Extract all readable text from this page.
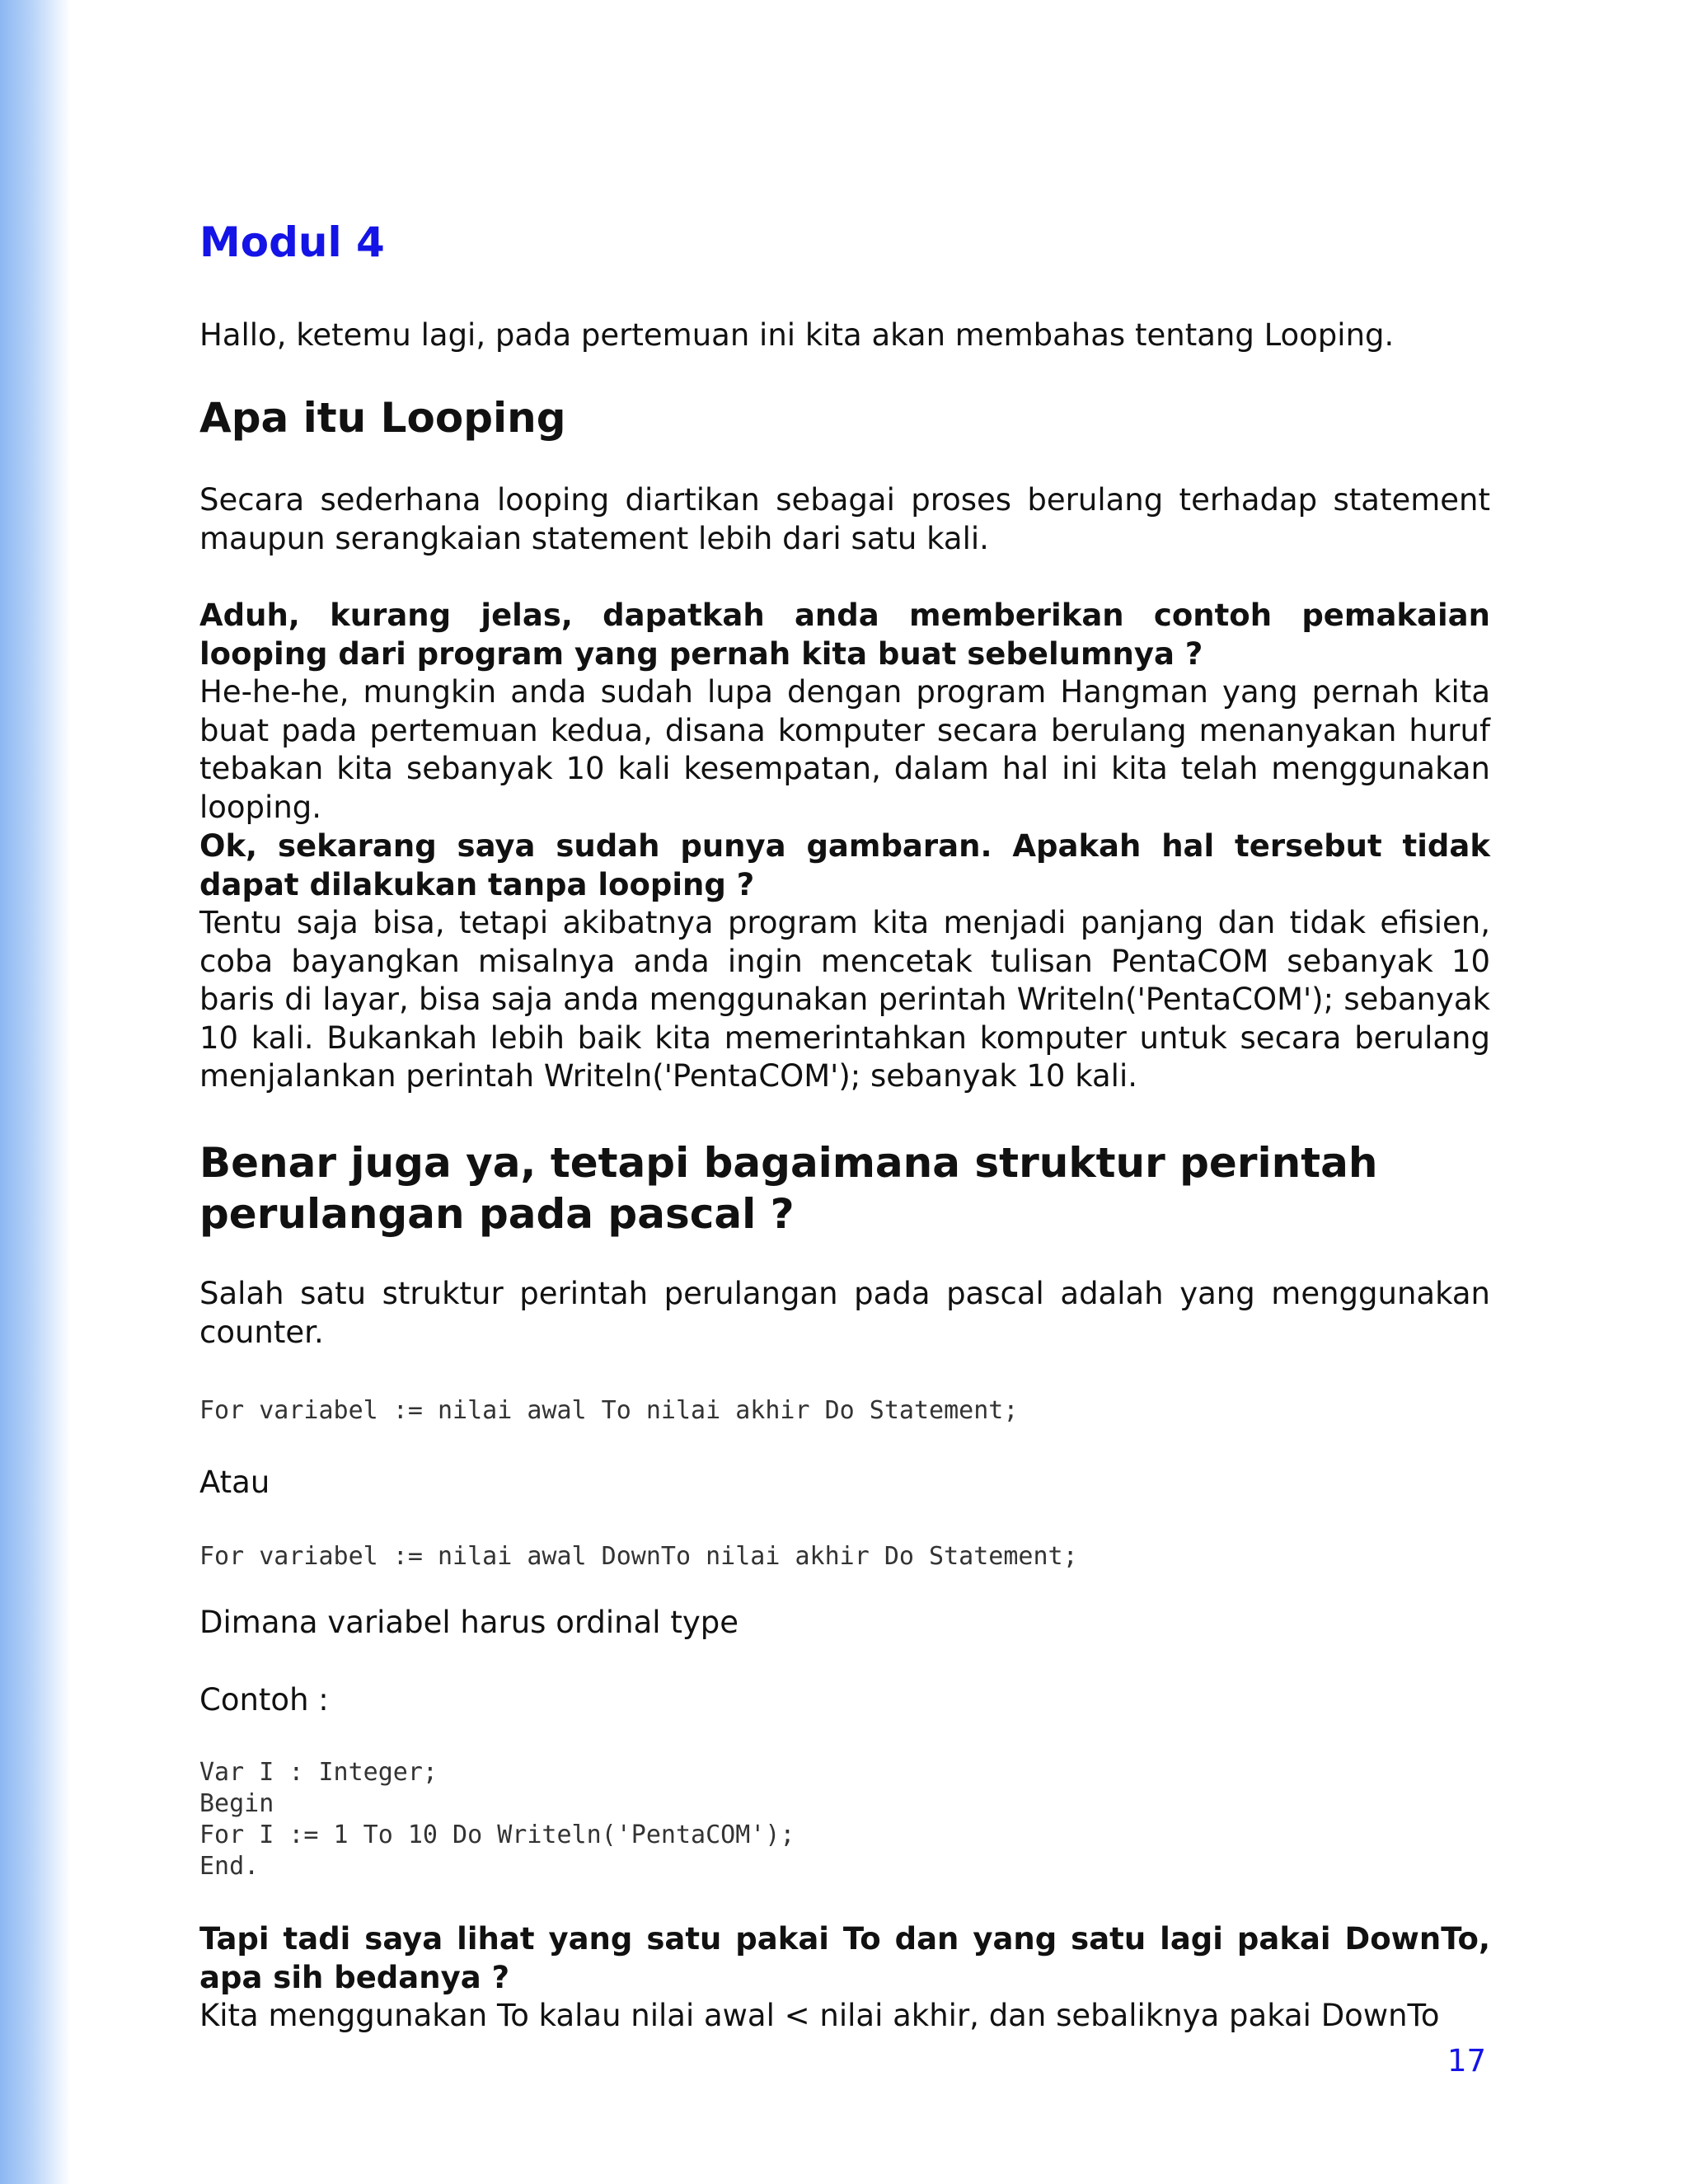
Modul 4

Hallo, ketemu lagi, pada pertemuan ini kita akan membahas tentang Looping.

Apa itu Looping

Secara sederhana looping diartikan sebagai proses berulang terhadap statement maupun serangkaian statement lebih dari satu kali.

Aduh, kurang jelas, dapatkah anda memberikan contoh pemakaian looping dari program yang pernah kita buat sebelumnya ?

He-he-he, mungkin anda sudah lupa dengan program Hangman yang pernah kita buat pada pertemuan kedua, disana komputer secara berulang menanyakan huruf tebakan kita sebanyak 10 kali kesempatan, dalam hal ini kita telah menggunakan looping.

Ok, sekarang saya sudah punya gambaran. Apakah hal tersebut tidak dapat dilakukan tanpa looping ?

Tentu saja bisa, tetapi akibatnya program kita menjadi panjang dan tidak efisien, coba bayangkan misalnya anda ingin mencetak tulisan PentaCOM sebanyak 10 baris di layar, bisa saja anda menggunakan perintah Writeln('PentaCOM'); sebanyak 10 kali. Bukankah lebih baik kita memerintahkan komputer untuk secara berulang menjalankan perintah Writeln('PentaCOM'); sebanyak 10 kali.

Benar juga ya, tetapi bagaimana struktur perintah perulangan pada pascal ?

Salah satu struktur perintah perulangan pada pascal adalah yang menggunakan counter.

For variabel := nilai awal To nilai akhir Do Statement;

Atau

For variabel := nilai awal DownTo nilai akhir Do Statement;

Dimana variabel harus ordinal type

Contoh :

Var I : Integer;
Begin
For I := 1 To 10 Do Writeln('PentaCOM');
End.

Tapi tadi saya lihat yang satu pakai To dan yang satu lagi pakai DownTo, apa sih bedanya ?

Kita menggunakan To kalau nilai awal < nilai akhir, dan sebaliknya pakai DownTo

17
